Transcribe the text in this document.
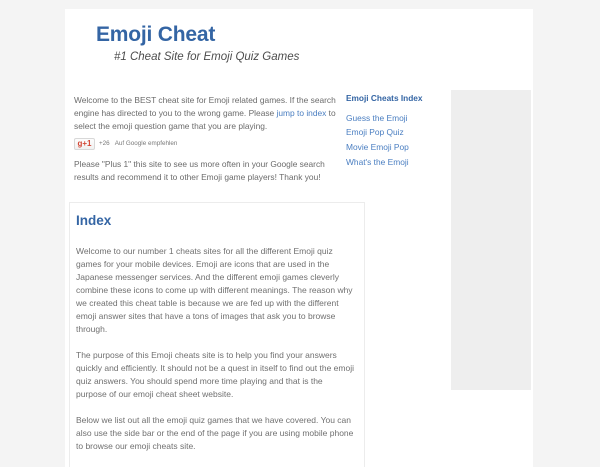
Emoji Cheat
#1 Cheat Site for Emoji Quiz Games

Welcome to the BEST cheat site for Emoji related games. If the search engine has directed to you to the wrong game. Please jump to index to select the emoji question game that you are playing.

g+1	+26 Auf Google empfehlen

Please "Plus 1" this site to see us more often in your Google search results and recommend it to other Emoji game players! Thank you!

Emoji Cheats Index
Guess the Emoji
Emoji Pop Quiz
Movie Emoji Pop
What's the Emoji
Index

Welcome to our number 1 cheats sites for all the different Emoji quiz games for your mobile devices. Emoji are icons that are used in the Japanese messenger services. And the different emoji games cleverly combine these icons to come up with different meanings. The reason why we created this cheat table is because we are fed up with the different emoji answer sites that have a tons of images that ask you to browse through.

The purpose of this Emoji cheats site is to help you find your answers quickly and efficiently. It should not be a quest in itself to find out the emoji quiz answers. You should spend more time playing and that is the purpose of our emoji cheat sheet website.

Below we list out all the emoji quiz games that we have covered. You can also use the side bar or the end of the page if you are using mobile phone to browse our emoji cheats site.
